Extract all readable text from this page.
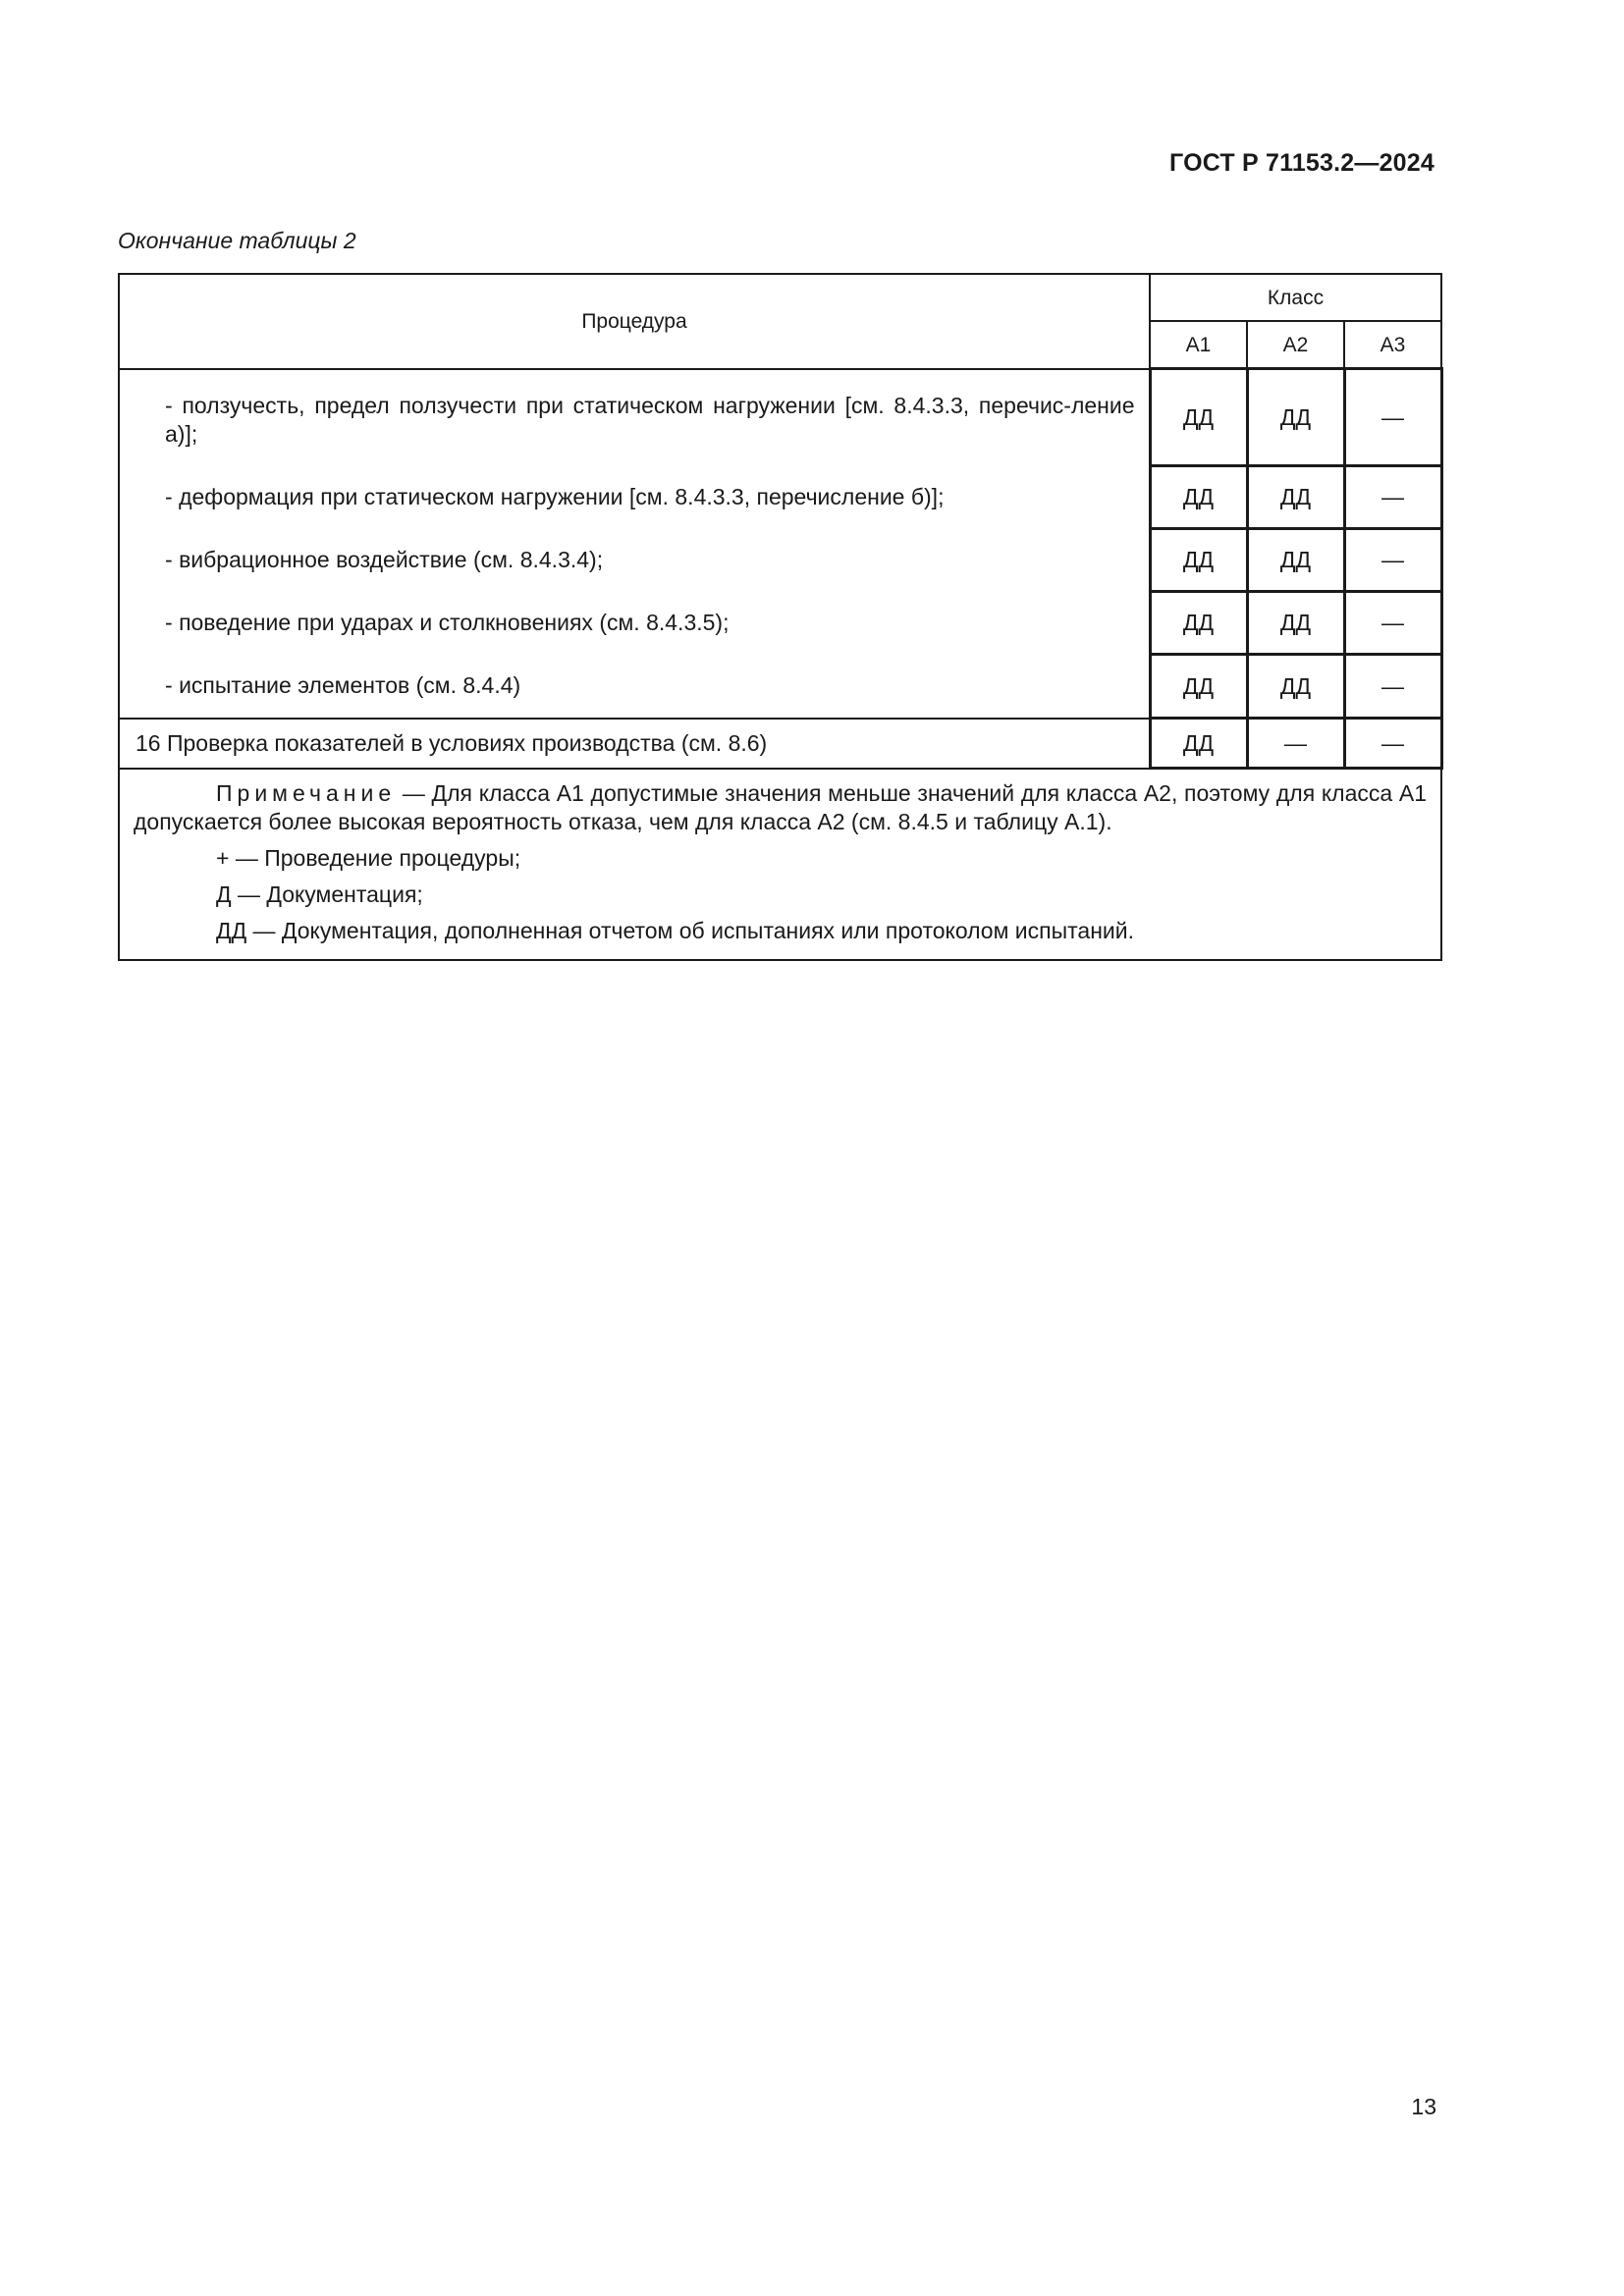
ГОСТ Р 71153.2—2024
Окончание таблицы 2
Процедура	Класс		
	А1	А2	А3

- ползучесть, предел ползучести при статическом нагружении [см. 8.4.3.3, перечис-ление а)];	ДД	ДД	—

- деформация при статическом нагружении [см. 8.4.3.3, перечисление б)];	ДД	ДД	—

- вибрационное воздействие (см. 8.4.3.4);	ДД	ДД	—

- поведение при ударах и столкновениях (см. 8.4.3.5);	ДД	ДД	—

- испытание элементов (см. 8.4.4)	ДД	ДД	—
16 Проверка показателей в условиях производства (см. 8.6)	ДД	—	—

Примечание — Для класса А1 допустимые значения меньше значений для класса А2, поэтому для класса А1 допускается более высокая вероятность отказа, чем для класса А2 (см. 8.4.5 и таблицу А.1).

+ — Проведение процедуры;

Д — Документация;

ДД — Документация, дополненная отчетом об испытаниях или протоколом испытаний.			

13
